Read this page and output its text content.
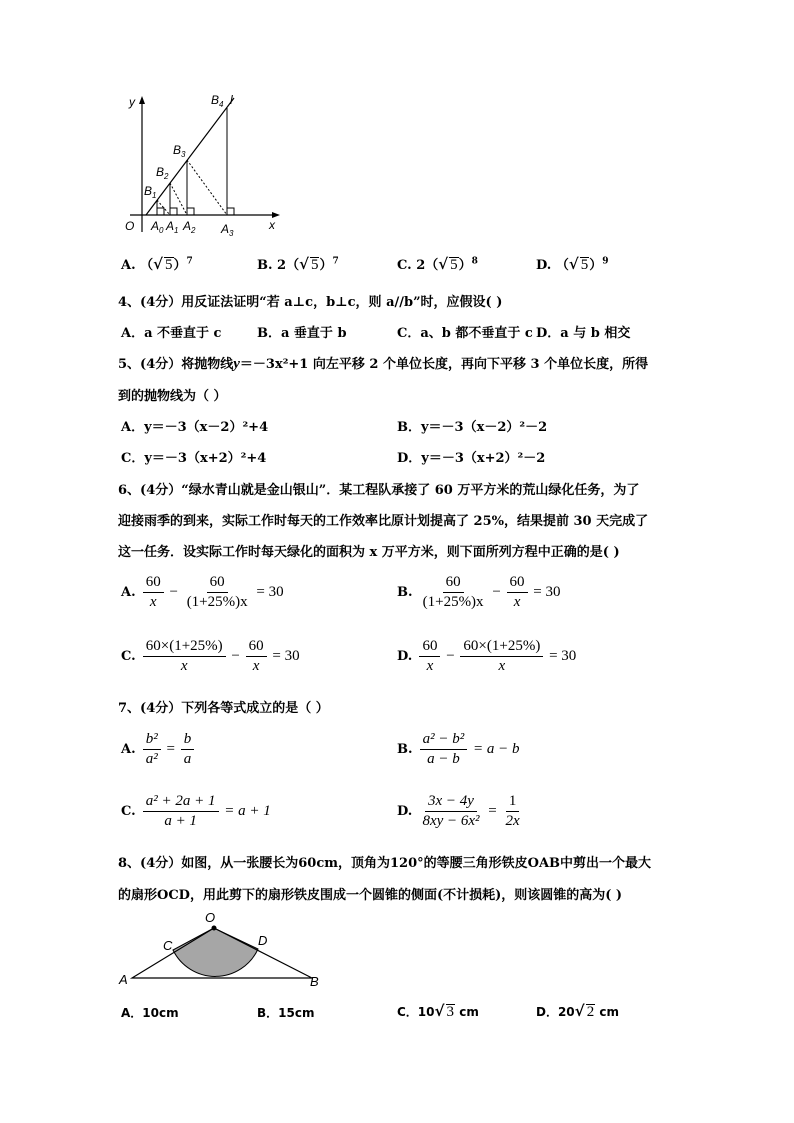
y	l
x
O
B 1
B 2
B 3
B 4
A 0 A 1 A 2 A 3
A. （√ 5）$^7$	B. 2（√ 5）$^7$	C. 2（√ 5）$^8$	D. （√ 5）$^9$
4、(4分）用反证法证明“若 a⊥c，b⊥c，则 a//b”时，应假设( )
A．a 不垂直于 c	B．a 垂直于 b	C．a、b 都不垂直于 c D．a 与 b 相交
5、(4分）将抛物线y＝－3x²+1 向左平移 2 个单位长度，再向下平移 3 个单位长度，所得
到的抛物线为（ ）
A．y＝－3（x－2）²+4	B．y＝－3（x－2）²－2
C．y＝－3（x+2）²+4	D．y＝－3（x+2）²－2
6、(4分）“绿水青山就是金山银山”．某工程队承接了 60 万平方米的荒山绿化任务，为了
迎接雨季的到来，实际工作时每天的工作效率比原计划提高了 25%，结果提前 30 天完成了
这一任务．设实际工作时每天绿化的面积为 x 万平方米，则下面所列方程中正确的是( )
A. $\frac{60}{x} - \frac{60}{(1+25\%)x} = 30$	B. $\frac{60}{(1+25\%)x} - \frac{60}{x} = 30$
C. $\frac{60\times(1+25\%)}{x} - \frac{60}{x} = 30$	D. $\frac{60}{x} - \frac{60\times(1+25\%)}{x} = 30$
7、(4分）下列各等式成立的是（ ）
A. $\frac{\text{b²}}{\text{a²}} = \frac{b}{a}$	B. $\frac{\text{a² − b²}}{a - b} = a - b$
C. $\frac{\text{a² + 2a + 1}}{a + 1} = a + 1$	D. $\frac{3x - 4y}{\text{8xy − 6x²}} = \frac{1}{2x}$
8、(4分）如图，从一张腰长为60cm，顶角为120°的等腰三角形铁皮OAB中剪出一个最大
的扇形OCD，用此剪下的扇形铁皮围成一个圆锥的侧面(不计损耗)，则该圆锥的高为( )
O
C	D
A	B
A．10cm	B．15cm	C．10√ 3 cm	D．20√ 2 cm
